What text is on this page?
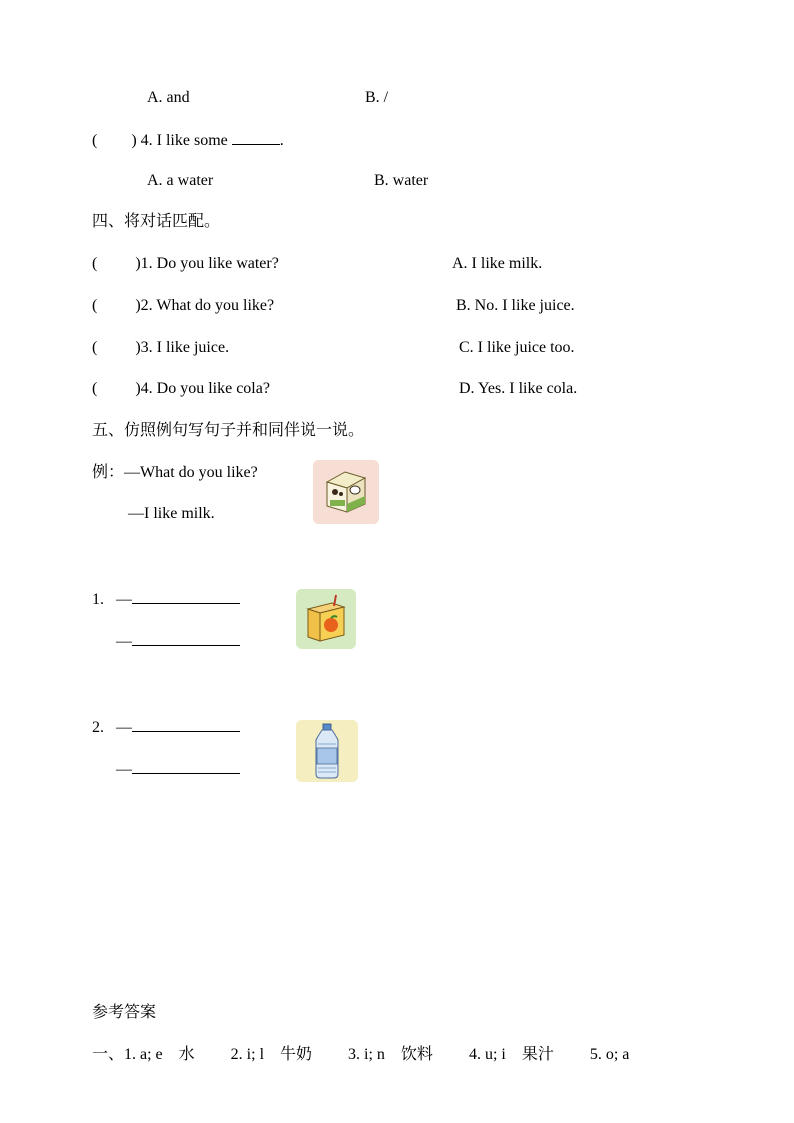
A. and	B. /
( ) 4. I like some	.
A. a water	B. water
四、将对话匹配。
( )1. Do you like water?	A. I like milk.
( )2. What do you like?	B. No. I like juice.
( )3. I like juice.	C. I like juice too.
( )4. Do you like cola?	D. Yes. I like cola.
五、仿照例句写句子并和同伴说一说。
例：—What do you like?
—I like milk.
1. —
—
2. —
—
参考答案
一、1. a; e 水 2. i; l 牛奶 3. i; n 饮料 4. u; i 果汁 5. o; a
